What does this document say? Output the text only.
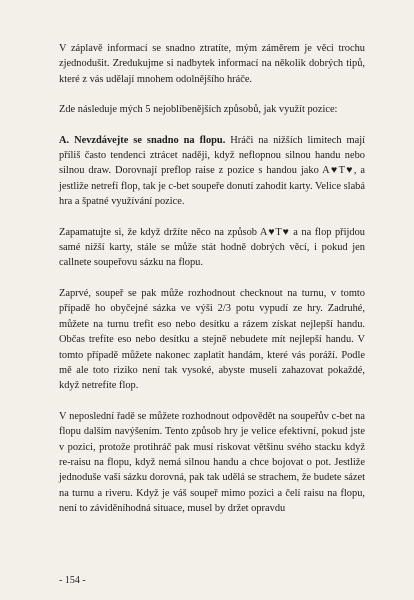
V záplavě informací se snadno ztratíte, mým záměrem je věci trochu zjednodušit. Zredukujme si nadbytek informací na několik dobrých tipů, které z vás udělají mnohem odolnějšího hráče.

Zde následuje mých 5 nejoblíbenějších způsobů, jak využít pozice:

A. Nevzdávejte se snadno na flopu. Hráči na nižších limitech mají příliš často tendenci ztrácet naději, když neflopnou silnou handu nebo silnou draw. Dorovnají preflop raise z pozice s handou jako A♥T♥, a jestliže netrefí flop, tak je c-bet soupeře donutí zahodit karty. Velice slabá hra a špatné využívání pozice.

Zapamatujte si, že když držíte něco na způsob A♥T♥ a na flop přijdou samé nižší karty, stále se může stát hodně dobrých věcí, i pokud jen callnete soupeřovu sázku na flopu.

Zaprvé, soupeř se pak může rozhodnout checknout na turnu, v tomto případě ho obyčejné sázka ve výši 2/3 potu vypudí ze hry. Zadruhé, můžete na turnu trefit eso nebo desítku a rázem získat nejlepší handu. Občas trefíte eso nebo desítku a stejně nebudete mít nejlepší handu. V tomto případě můžete nakonec zaplatit handám, které vás poráží. Podle mě ale toto riziko není tak vysoké, abyste museli zahazovat pokaždé, když netrefíte flop.

V neposlední řadě se můžete rozhodnout odpovědět na soupeřův c-bet na flopu dalším navýšením. Tento způsob hry je velice efektivní, pokud jste v pozici, protože protihráč pak musí riskovat většinu svého stacku když re-raisu na flopu, když nemá silnou handu a chce bojovat o pot. Jestliže jednoduše vaši sázku dorovná, pak tak udělá se strachem, že budete sázet na turnu a riveru. Když je váš soupeř mimo pozici a čelí raisu na flopu, není to záviděníhodná situace, musel by držet opravdu

- 154 -
